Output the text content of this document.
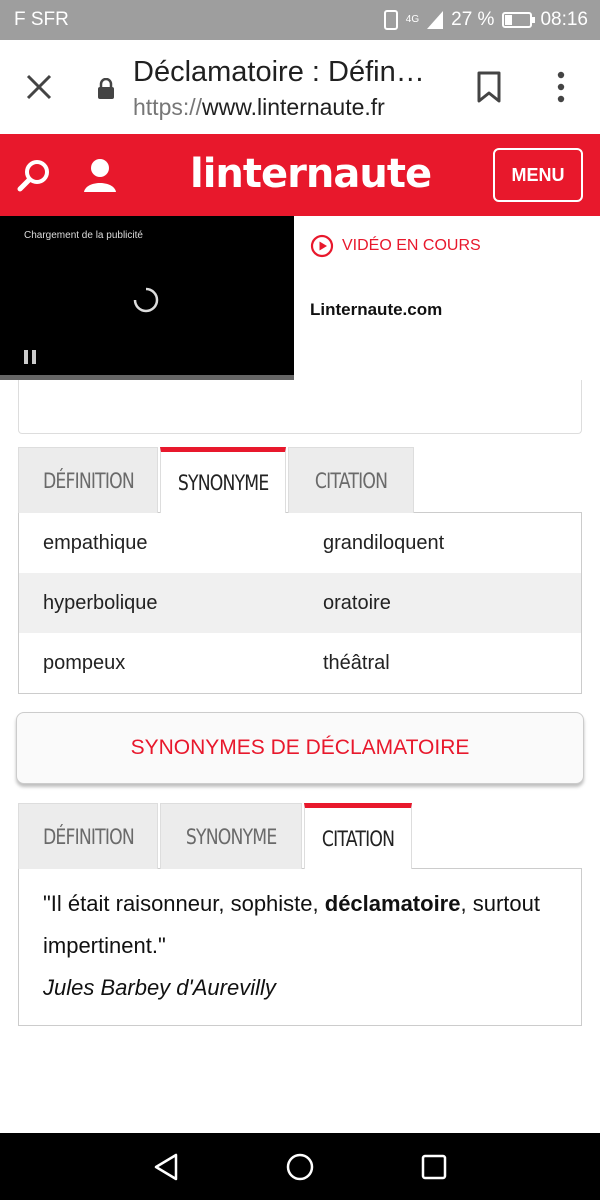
F SFR	4G 27 % 08:16
Déclamatoire : Défin…
https://www.linternaute.fr
linternaute	MENU
Chargement de la publicité
VIDÉO EN COURS
Linternaute.com
DÉFINITION SYNONYME CITATION
empathique	grandiloquent
hyperbolique	oratoire
pompeux	théâtral
SYNONYMES DE DÉCLAMATOIRE
DÉFINITION SYNONYME CITATION
"Il était raisonneur, sophiste, déclamatoire, surtout impertinent."
Jules Barbey d'Aurevilly
